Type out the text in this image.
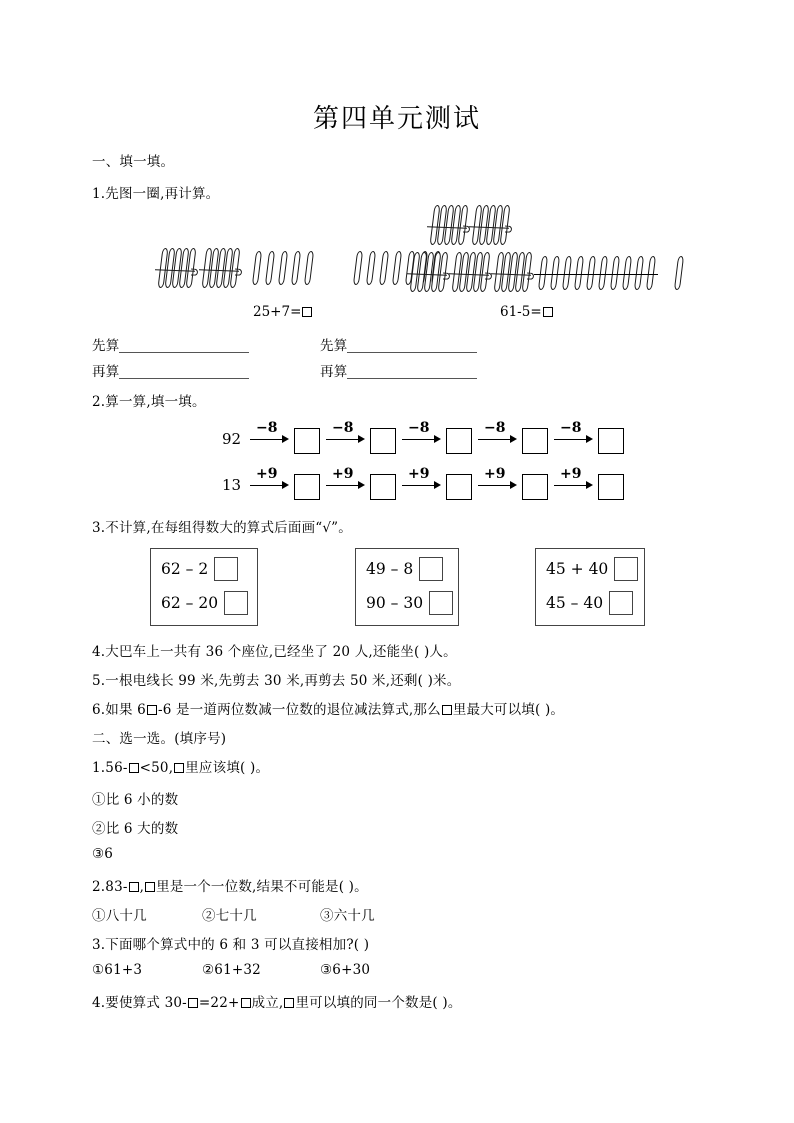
第四单元测试
一、填一填。
1.先图一圈,再计算。
25+7=	61-5=
先算	先算
再算	再算
2.算一算,填一填。
92
−8	−8	−8	−8	−8
13
+9	+9	+9	+9	+9
3.不计算,在每组得数大的算式后面画“√”。
62 – 2
62 – 20
49 – 8
90 – 30
45 + 40
45 – 40
4.大巴车上一共有 36 个座位,已经坐了 20 人,还能坐( )人。
5.一根电线长 99 米,先剪去 30 米,再剪去 50 米,还剩( )米。
6.如果 6 -6 是一道两位数减一位数的退位减法算式,那么 里最大可以填( )。
二、选一选。(填序号)
1.56- <50, 里应该填( )。
①比 6 小的数
②比 6 大的数
③6
2.83- , 里是一个一位数,结果不可能是( )。
①八十几	②七十几	③六十几
3.下面哪个算式中的 6 和 3 可以直接相加?( )
①61+3	②61+32	③6+30
4.要使算式 30- =22+ 成立, 里可以填的同一个数是( )。
